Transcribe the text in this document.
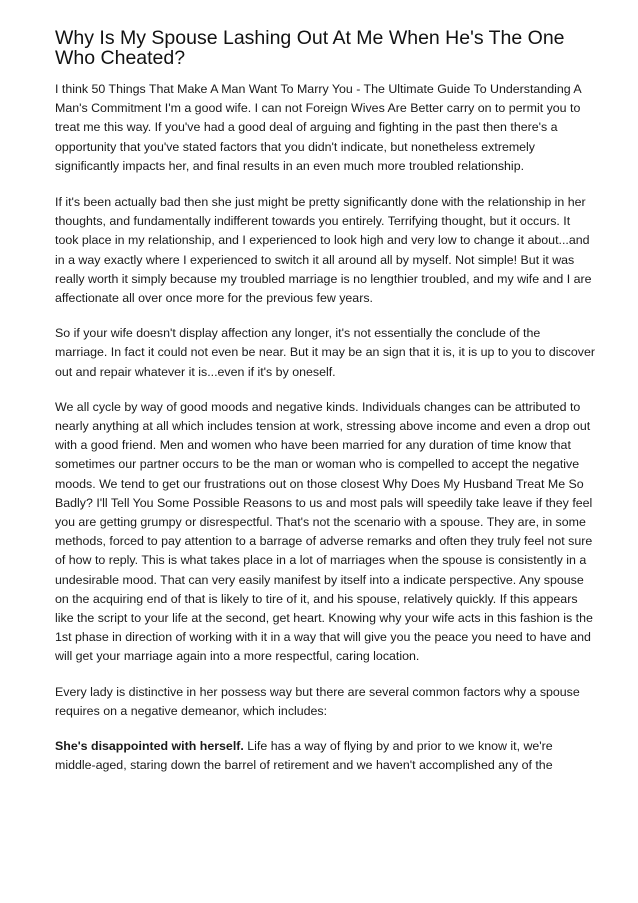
Why Is My Spouse Lashing Out At Me When He's The One Who Cheated?

I think 50 Things That Make A Man Want To Marry You - The Ultimate Guide To Understanding A Man's Commitment I'm a good wife. I can not Foreign Wives Are Better carry on to permit you to treat me this way. If you've had a good deal of arguing and fighting in the past then there's a opportunity that you've stated factors that you didn't indicate, but nonetheless extremely significantly impacts her, and final results in an even much more troubled relationship.

If it's been actually bad then she just might be pretty significantly done with the relationship in her thoughts, and fundamentally indifferent towards you entirely. Terrifying thought, but it occurs. It took place in my relationship, and I experienced to look high and very low to change it about...and in a way exactly where I experienced to switch it all around all by myself. Not simple! But it was really worth it simply because my troubled marriage is no lengthier troubled, and my wife and I are affectionate all over once more for the previous few years.

So if your wife doesn't display affection any longer, it's not essentially the conclude of the marriage. In fact it could not even be near. But it may be an sign that it is, it is up to you to discover out and repair whatever it is...even if it's by oneself.

We all cycle by way of good moods and negative kinds. Individuals changes can be attributed to nearly anything at all which includes tension at work, stressing above income and even a drop out with a good friend. Men and women who have been married for any duration of time know that sometimes our partner occurs to be the man or woman who is compelled to accept the negative moods. We tend to get our frustrations out on those closest Why Does My Husband Treat Me So Badly? I'll Tell You Some Possible Reasons to us and most pals will speedily take leave if they feel you are getting grumpy or disrespectful. That's not the scenario with a spouse. They are, in some methods, forced to pay attention to a barrage of adverse remarks and often they truly feel not sure of how to reply. This is what takes place in a lot of marriages when the spouse is consistently in a undesirable mood. That can very easily manifest by itself into a indicate perspective. Any spouse on the acquiring end of that is likely to tire of it, and his spouse, relatively quickly. If this appears like the script to your life at the second, get heart. Knowing why your wife acts in this fashion is the 1st phase in direction of working with it in a way that will give you the peace you need to have and will get your marriage again into a more respectful, caring location.

Every lady is distinctive in her possess way but there are several common factors why a spouse requires on a negative demeanor, which includes:

She's disappointed with herself. Life has a way of flying by and prior to we know it, we're middle-aged, staring down the barrel of retirement and we haven't accomplished any of the
